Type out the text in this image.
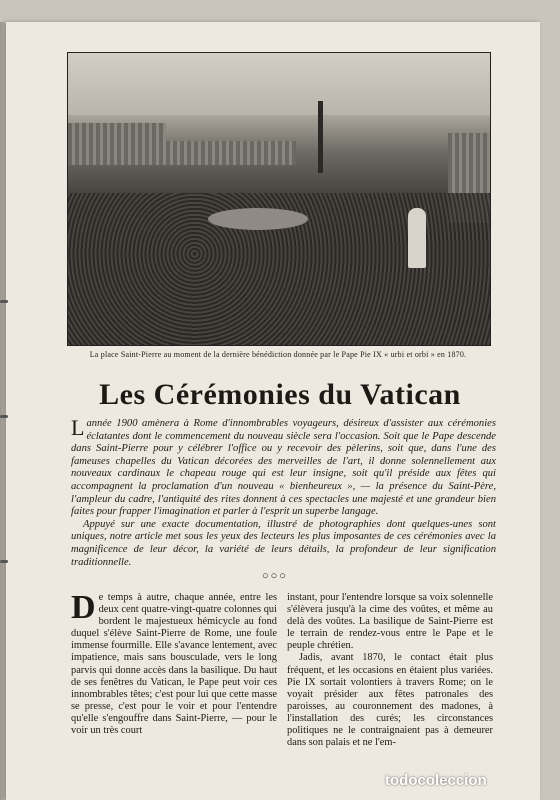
La place Saint-Pierre au moment de la dernière bénédiction donnée par le Pape Pie IX « urbi et orbi » en 1870.
Les Cérémonies du Vatican

Lannée 1900 amènera à Rome d'innombrables voyageurs, désireux d'assister aux cérémonies éclatantes dont le commencement du nouveau siècle sera l'occasion. Soit que le Pape descende dans Saint-Pierre pour y célébrer l'office ou y recevoir des pèlerins, soit que, dans l'une des fameuses chapelles du Vatican décorées des merveilles de l'art, il donne solennellement aux nouveaux cardinaux le chapeau rouge qui est leur insigne, soit qu'il préside aux fêtes qui accompagnent la proclamation d'un nouveau « bienheureux », — la présence du Saint-Père, l'ampleur du cadre, l'antiquité des rites donnent à ces spectacles une majesté et une grandeur bien faites pour frapper l'imagination et parler à l'esprit un superbe langage.

Appuyé sur une exacte documentation, illustré de photographies dont quelques-unes sont uniques, notre article met sous les yeux des lecteurs les plus imposantes de ces cérémonies avec la magnificence de leur décor, la variété de leurs détails, la profondeur de leur signification traditionnelle.

○○○

De temps à autre, chaque année, entre les deux cent quatre-vingt-quatre colonnes qui bordent le majestueux hémicycle au fond duquel s'élève Saint-Pierre de Rome, une foule immense fourmille. Elle s'avance lentement, avec impatience, mais sans bousculade, vers le long parvis qui donne accès dans la basilique. Du haut de ses fenêtres du Vatican, le Pape peut voir ces innombrables têtes; c'est pour lui que cette masse se presse, c'est pour le voir et pour l'entendre qu'elle s'engouffre dans Saint-Pierre, — pour le voir un très court

instant, pour l'entendre lorsque sa voix solennelle s'élèvera jusqu'à la cime des voûtes, et même au delà des voûtes. La basilique de Saint-Pierre est le terrain de rendez-vous entre le Pape et le peuple chrétien.

Jadis, avant 1870, le contact était plus fréquent, et les occasions en étaient plus variées. Pie IX sortait volontiers à travers Rome; on le voyait présider aux fêtes patronales des paroisses, au couronnement des madones, à l'installation des curés; les circonstances politiques ne le contraignaient pas à demeurer dans son palais et ne l'em-

todocoleccion
